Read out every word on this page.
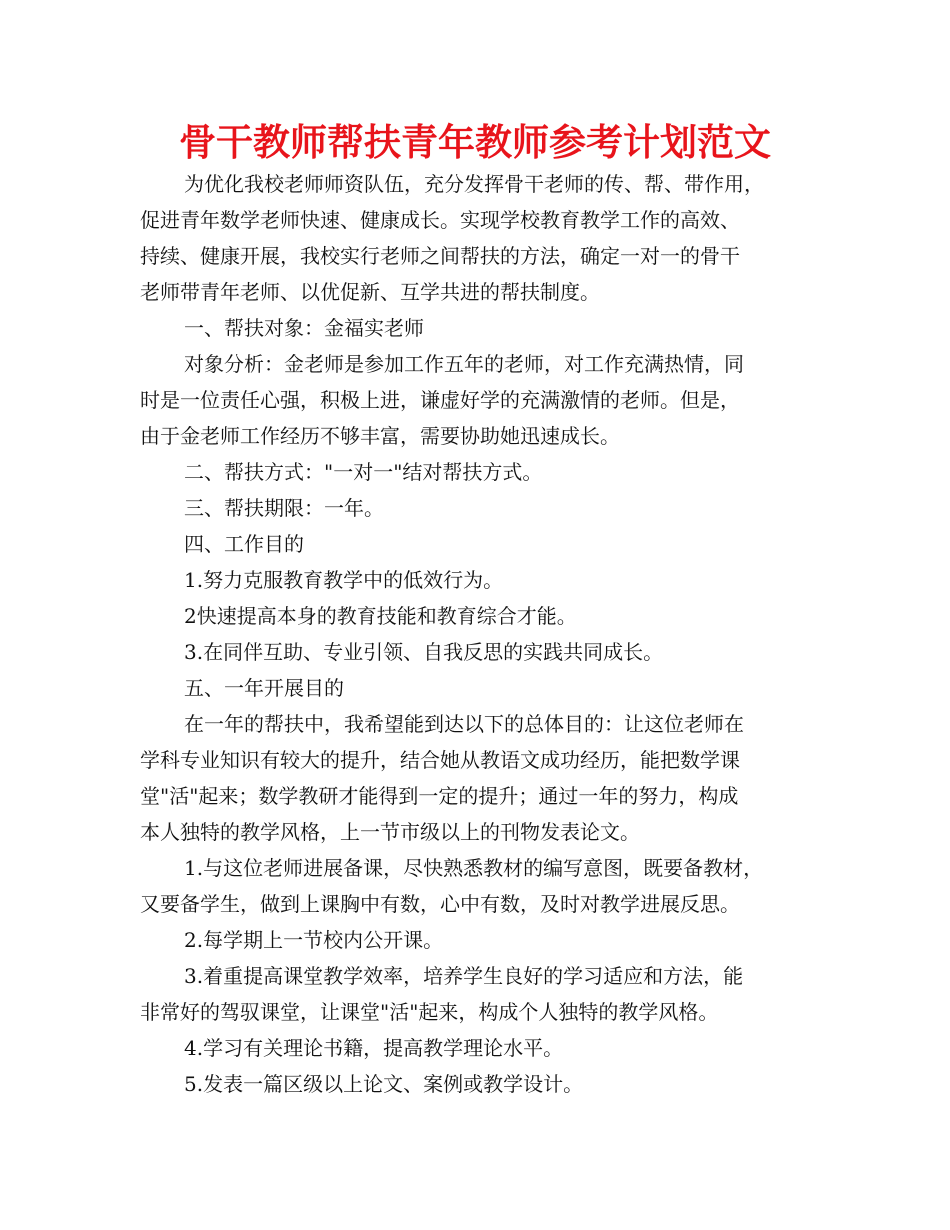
骨干教师帮扶青年教师参考计划范文
为优化我校老师师资队伍，充分发挥骨干老师的传、帮、带作用，
促进青年数学老师快速、健康成长。实现学校教育教学工作的高效、
持续、健康开展，我校实行老师之间帮扶的方法，确定一对一的骨干
老师带青年老师、以优促新、互学共进的帮扶制度。
一、帮扶对象：金福实老师
对象分析：金老师是参加工作五年的老师，对工作充满热情，同
时是一位责任心强，积极上进，谦虚好学的充满激情的老师。但是，
由于金老师工作经历不够丰富，需要协助她迅速成长。
二、帮扶方式："一对一"结对帮扶方式。
三、帮扶期限：一年。
四、工作目的
1.努力克服教育教学中的低效行为。
2快速提高本身的教育技能和教育综合才能。
3.在同伴互助、专业引领、自我反思的实践共同成长。
五、一年开展目的
在一年的帮扶中，我希望能到达以下的总体目的：让这位老师在
学科专业知识有较大的提升，结合她从教语文成功经历，能把数学课
堂"活"起来；数学教研才能得到一定的提升；通过一年的努力，构成
本人独特的教学风格，上一节市级以上的刊物发表论文。
1.与这位老师进展备课，尽快熟悉教材的编写意图，既要备教材，
又要备学生，做到上课胸中有数，心中有数，及时对教学进展反思。
2.每学期上一节校内公开课。
3.着重提高课堂教学效率，培养学生良好的学习适应和方法，能
非常好的驾驭课堂，让课堂"活"起来，构成个人独特的教学风格。
4.学习有关理论书籍，提高教学理论水平。
5.发表一篇区级以上论文、案例或教学设计。
